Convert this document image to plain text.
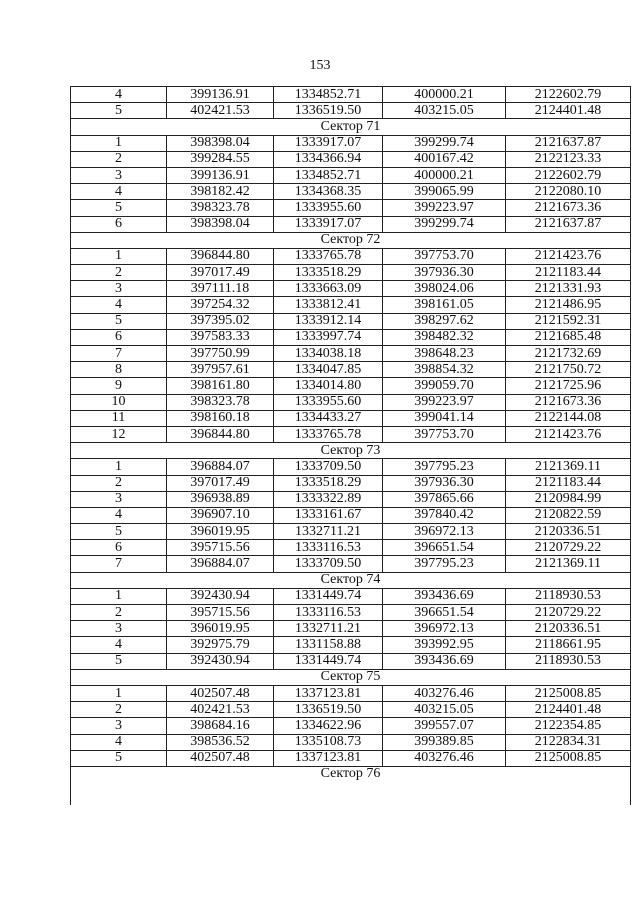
153
4	399136.91	1334852.71	400000.21	2122602.79
5	402421.53	1336519.50	403215.05	2124401.48
Сектор 71				
1	398398.04	1333917.07	399299.74	2121637.87
2	399284.55	1334366.94	400167.42	2122123.33
3	399136.91	1334852.71	400000.21	2122602.79
4	398182.42	1334368.35	399065.99	2122080.10
5	398323.78	1333955.60	399223.97	2121673.36
6	398398.04	1333917.07	399299.74	2121637.87
Сектор 72				
1	396844.80	1333765.78	397753.70	2121423.76
2	397017.49	1333518.29	397936.30	2121183.44
3	397111.18	1333663.09	398024.06	2121331.93
4	397254.32	1333812.41	398161.05	2121486.95
5	397395.02	1333912.14	398297.62	2121592.31
6	397583.33	1333997.74	398482.32	2121685.48
7	397750.99	1334038.18	398648.23	2121732.69
8	397957.61	1334047.85	398854.32	2121750.72
9	398161.80	1334014.80	399059.70	2121725.96
10	398323.78	1333955.60	399223.97	2121673.36
11	398160.18	1334433.27	399041.14	2122144.08
12	396844.80	1333765.78	397753.70	2121423.76
Сектор 73				
1	396884.07	1333709.50	397795.23	2121369.11
2	397017.49	1333518.29	397936.30	2121183.44
3	396938.89	1333322.89	397865.66	2120984.99
4	396907.10	1333161.67	397840.42	2120822.59
5	396019.95	1332711.21	396972.13	2120336.51
6	395715.56	1333116.53	396651.54	2120729.22
7	396884.07	1333709.50	397795.23	2121369.11
Сектор 74				
1	392430.94	1331449.74	393436.69	2118930.53
2	395715.56	1333116.53	396651.54	2120729.22
3	396019.95	1332711.21	396972.13	2120336.51
4	392975.79	1331158.88	393992.95	2118661.95
5	392430.94	1331449.74	393436.69	2118930.53
Сектор 75				
1	402507.48	1337123.81	403276.46	2125008.85
2	402421.53	1336519.50	403215.05	2124401.48
3	398684.16	1334622.96	399557.07	2122354.85
4	398536.52	1335108.73	399389.85	2122834.31
5	402507.48	1337123.81	403276.46	2125008.85
Сектор 76				
